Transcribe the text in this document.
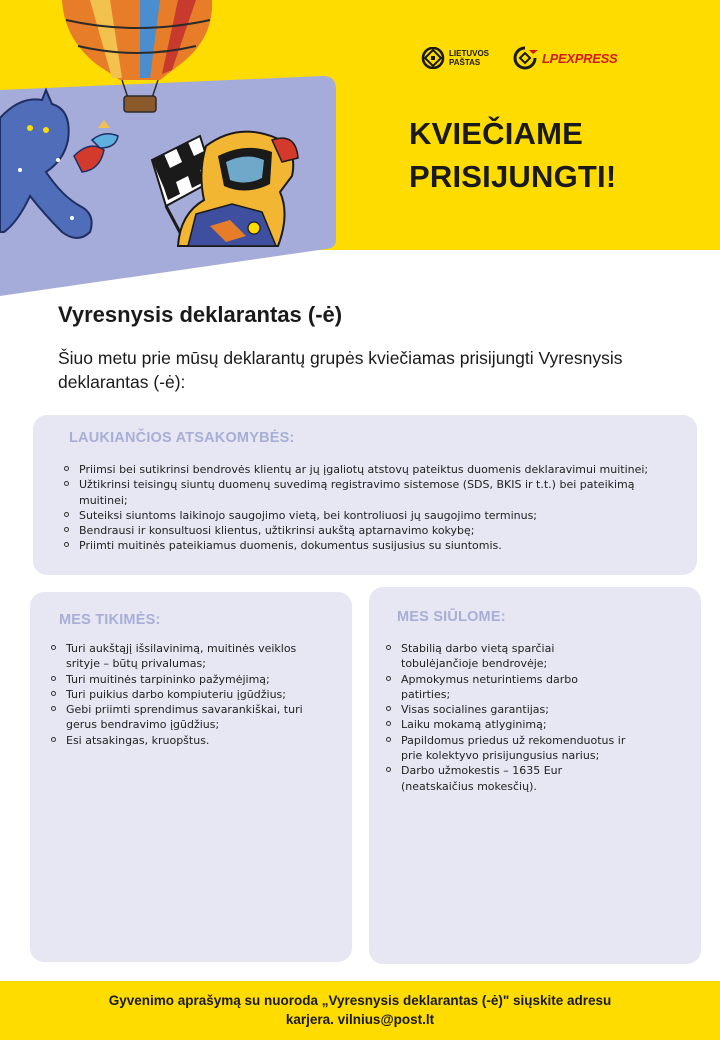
LIETUVOS
PAŠTAS	LPEXPRESS
KVIEČIAME
PRISIJUNGTI!
Vyresnysis deklarantas (-ė)
Šiuo metu prie mūsų deklarantų grupės kviečiamas prisijungti Vyresnysis deklarantas (-ė):
LAUKIANČIOS ATSAKOMYBĖS:
Priimsi bei sutikrinsi bendrovės klientų ar jų įgaliotų atstovų pateiktus duomenis deklaravimui muitinei;
Užtikrinsi teisingų siuntų duomenų suvedimą registravimo sistemose (SDS, BKIS ir t.t.) bei pateikimą muitinei;
Suteiksi siuntoms laikinojo saugojimo vietą, bei kontroliuosi jų saugojimo terminus;
Bendrausi ir konsultuosi klientus, užtikrinsi aukštą aptarnavimo kokybę;
Priimti muitinės pateikiamus duomenis, dokumentus susijusius su siuntomis.
MES TIKIMĖS:
Turi aukštąjį išsilavinimą, muitinės veiklos srityje – būtų privalumas;
Turi muitinės tarpininko pažymėjimą;
Turi puikius darbo kompiuteriu įgūdžius;
Gebi priimti sprendimus savarankiškai, turi gerus bendravimo įgūdžius;
Esi atsakingas, kruopštus.
MES SIŪLOME:
Stabilią darbo vietą sparčiai tobulėjančioje bendrovėje;
Apmokymus neturintiems darbo patirties;
Visas socialines garantijas;
Laiku mokamą atlyginimą;
Papildomus priedus už rekomenduotus ir prie kolektyvo prisijungusius narius;
Darbo užmokestis – 1635 Eur (neatskaičius mokesčių).
Gyvenimo aprašymą su nuoroda „Vyresnysis deklarantas (-ė)" siųskite adresu
karjera. vilnius@post.lt
